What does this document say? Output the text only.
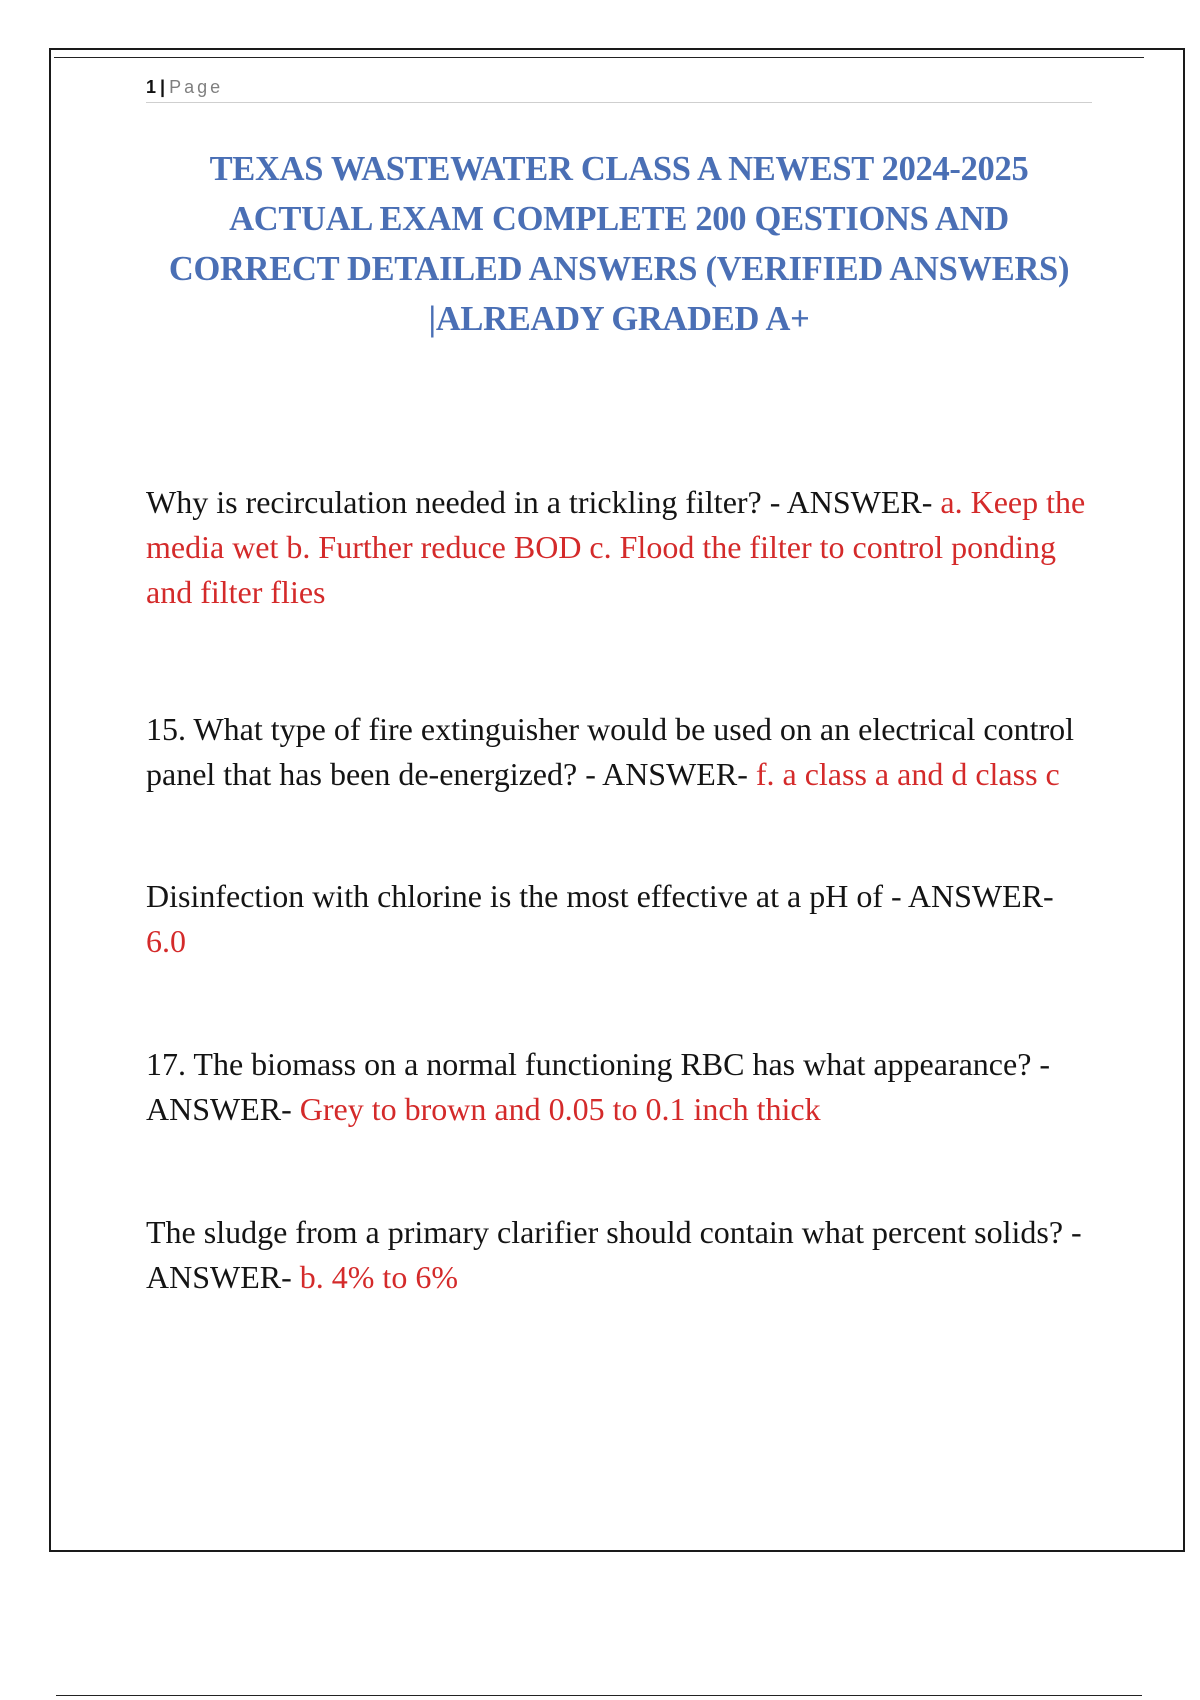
1 | Page
TEXAS WASTEWATER CLASS A NEWEST 2024-2025 ACTUAL EXAM COMPLETE 200 QESTIONS AND CORRECT DETAILED ANSWERS (VERIFIED ANSWERS) |ALREADY GRADED A+

Why is recirculation needed in a trickling filter? - ANSWER- a. Keep the media wet b. Further reduce BOD c. Flood the filter to control ponding and filter flies

15. What type of fire extinguisher would be used on an electrical control panel that has been de-energized? - ANSWER- f. a class a and d class c

Disinfection with chlorine is the most effective at a pH of - ANSWER- 6.0

17. The biomass on a normal functioning RBC has what appearance? - ANSWER- Grey to brown and 0.05 to 0.1 inch thick

The sludge from a primary clarifier should contain what percent solids? - ANSWER- b. 4% to 6%
